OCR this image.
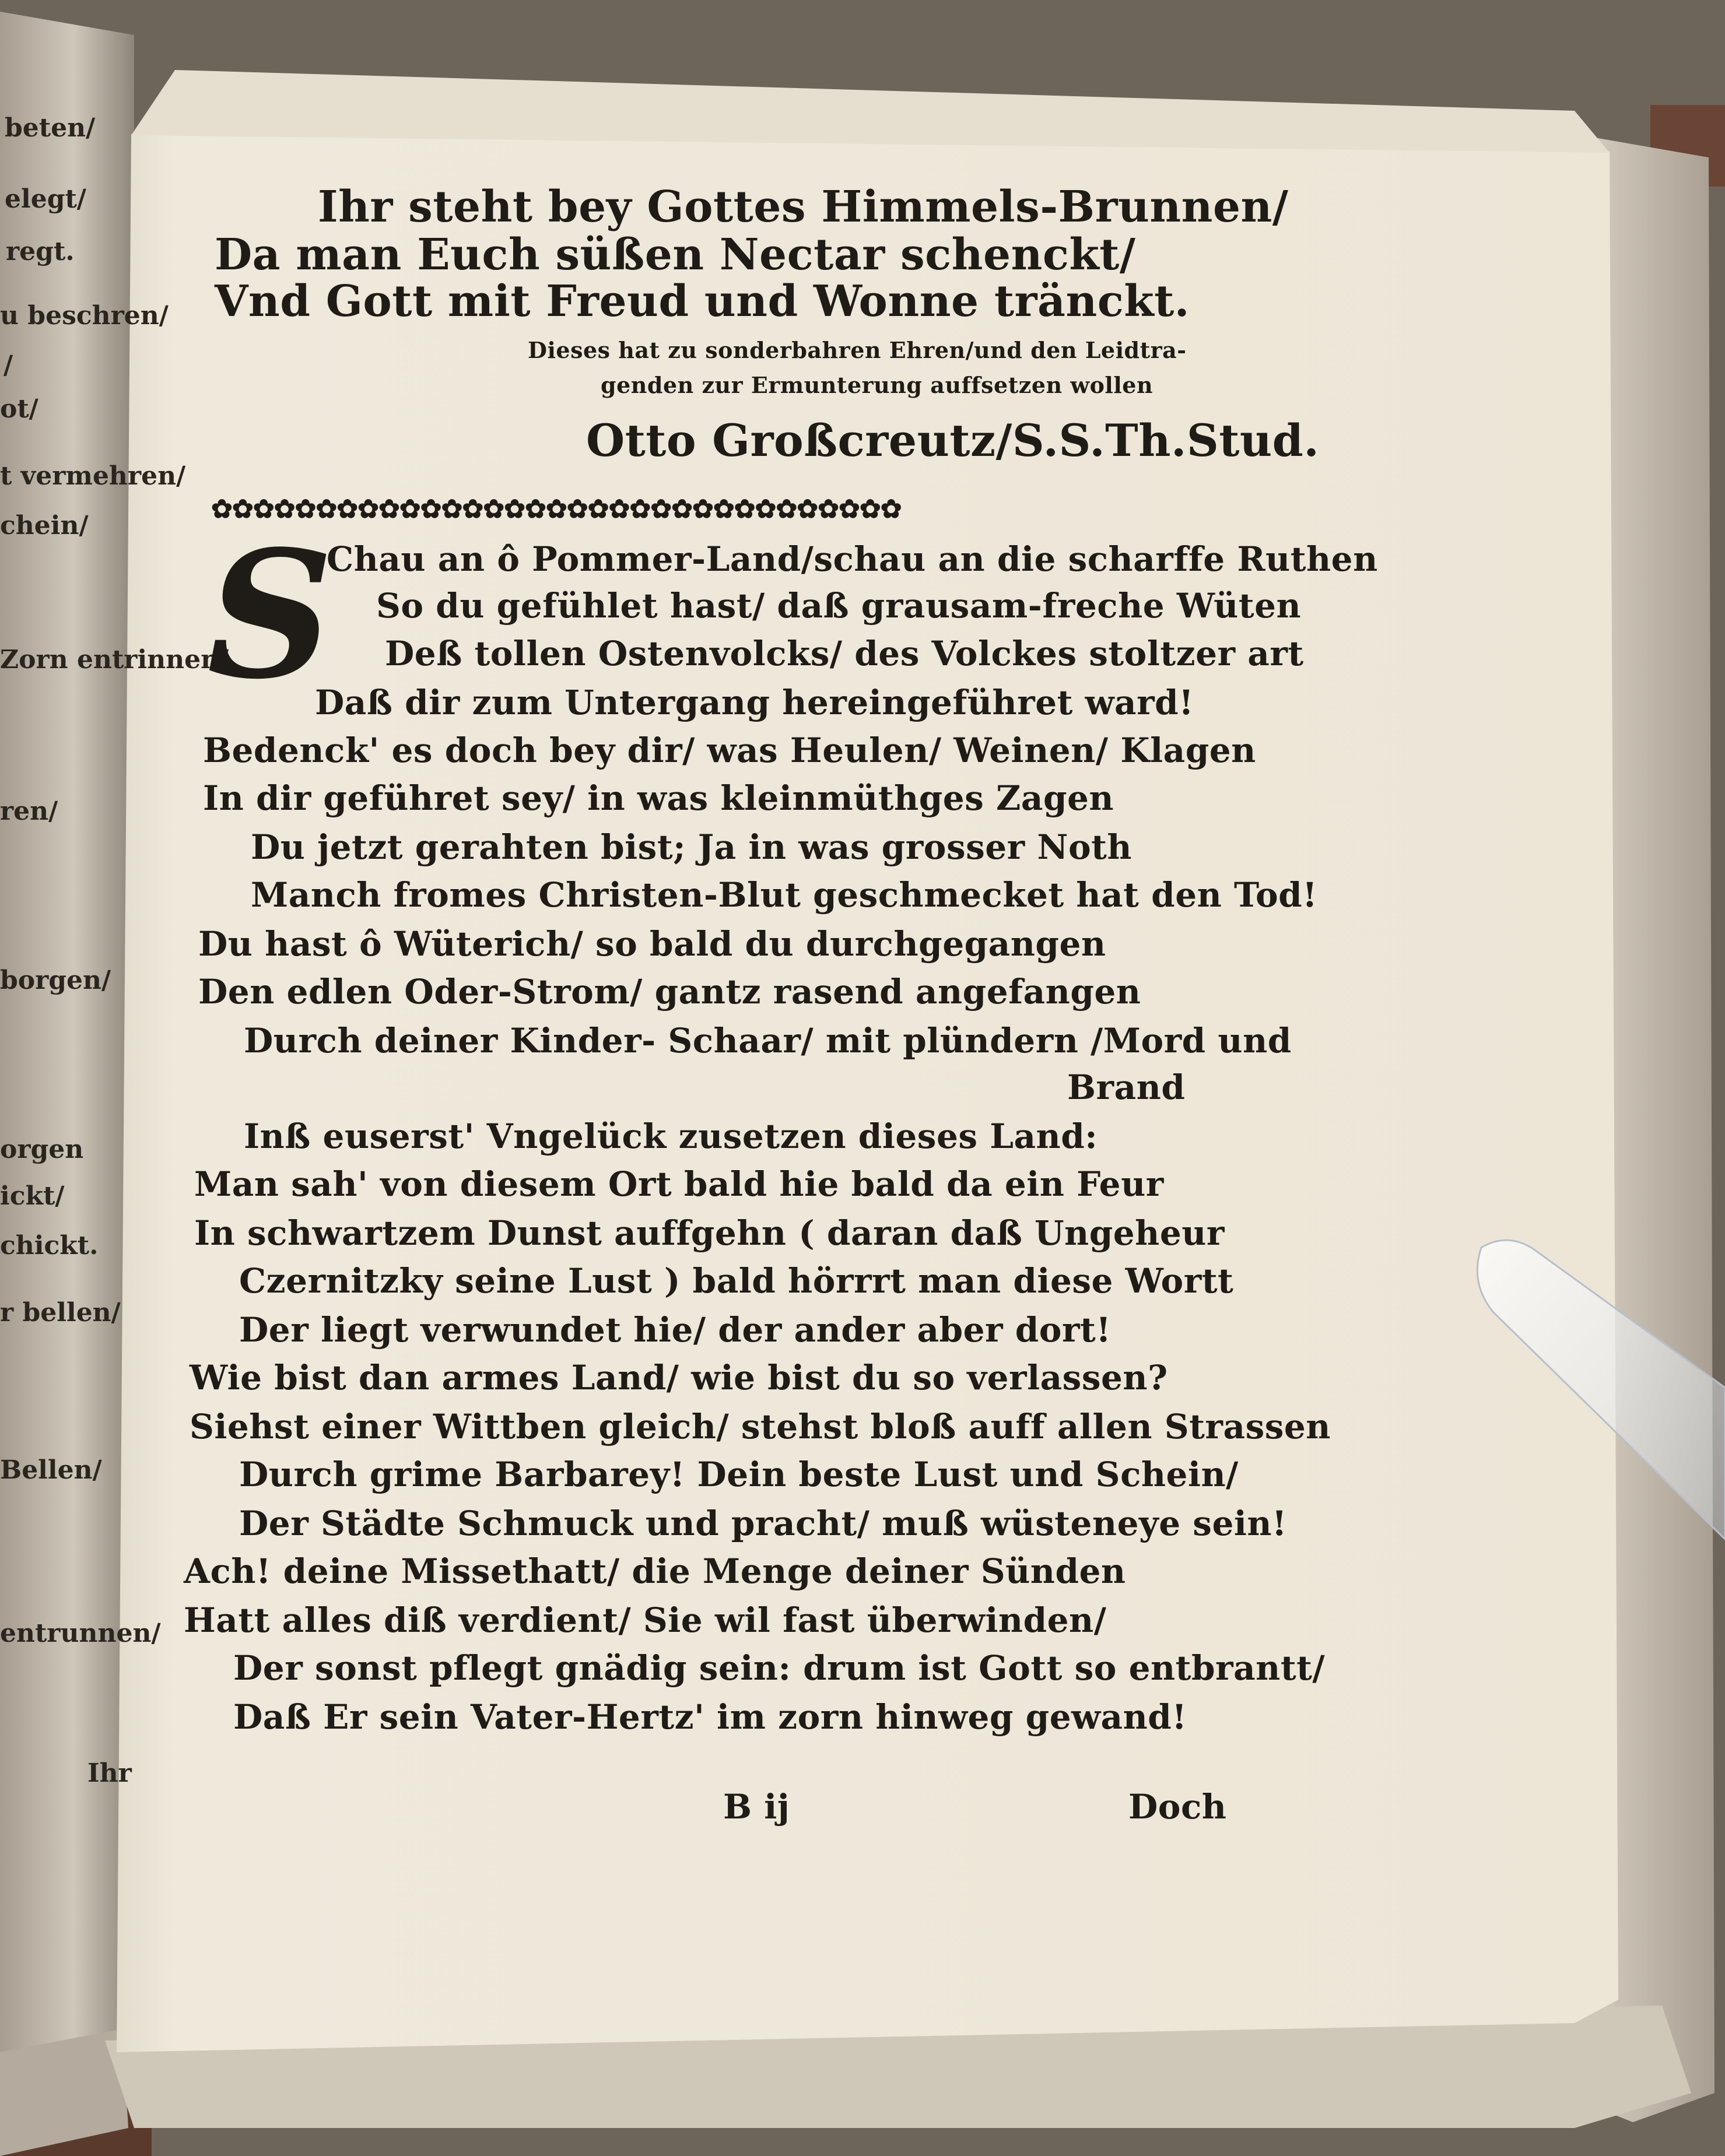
beten/

elegt/

regt.

u beschren/

/

ot/

t vermehren/

chein/

Zorn entrinnen/

ren/

borgen/

orgen

ickt/

chickt.

r bellen/

Bellen/

entrunnen/

Ihr

Ihr steht bey Gottes Himmels-Brunnen/

Da man Euch süßen Nectar schenckt/

Vnd Gott mit Freud und Wonne tränckt.

Dieses hat zu sonderbahren Ehren/und den Leidtra-

genden zur Ermunterung auffsetzen wollen

Otto Großcreutz/S.S.Th.Stud.

✿✿✿✿✿✿✿✿✿✿✿✿✿✿✿✿✿✿✿✿✿✿✿✿✿✿✿✿✿✿✿✿✿

S

Chau an ô Pommer-Land/schau an die scharffe Ruthen

So du gefühlet hast/ daß grausam-freche Wüten

Deß tollen Ostenvolcks/ des Volckes stoltzer art

Daß dir zum Untergang hereingeführet ward!

Bedenck' es doch bey dir/ was Heulen/ Weinen/ Klagen

In dir geführet sey/ in was kleinmüthges Zagen

Du jetzt gerahten bist; Ja in was grosser Noth

Manch fromes Christen-Blut geschmecket hat den Tod!

Du hast ô Wüterich/ so bald du durchgegangen

Den edlen Oder-Strom/ gantz rasend angefangen

Durch deiner Kinder- Schaar/ mit plündern /Mord und

Brand

Inß euserst' Vngelück zusetzen dieses Land:

Man sah' von diesem Ort bald hie bald da ein Feur

In schwartzem Dunst auffgehn ( daran daß Ungeheur

Czernitzky seine Lust ) bald hörrrt man diese Wortt

Der liegt verwundet hie/ der ander aber dort!

Wie bist dan armes Land/ wie bist du so verlassen?

Siehst einer Wittben gleich/ stehst bloß auff allen Strassen

Durch grime Barbarey! Dein beste Lust und Schein/

Der Städte Schmuck und pracht/ muß wüsteneye sein!

Ach! deine Missethatt/ die Menge deiner Sünden

Hatt alles diß verdient/ Sie wil fast überwinden/

Der sonst pflegt gnädig sein: drum ist Gott so entbrantt/

Daß Er sein Vater-Hertz' im zorn hinweg gewand!

B ij	Doch
